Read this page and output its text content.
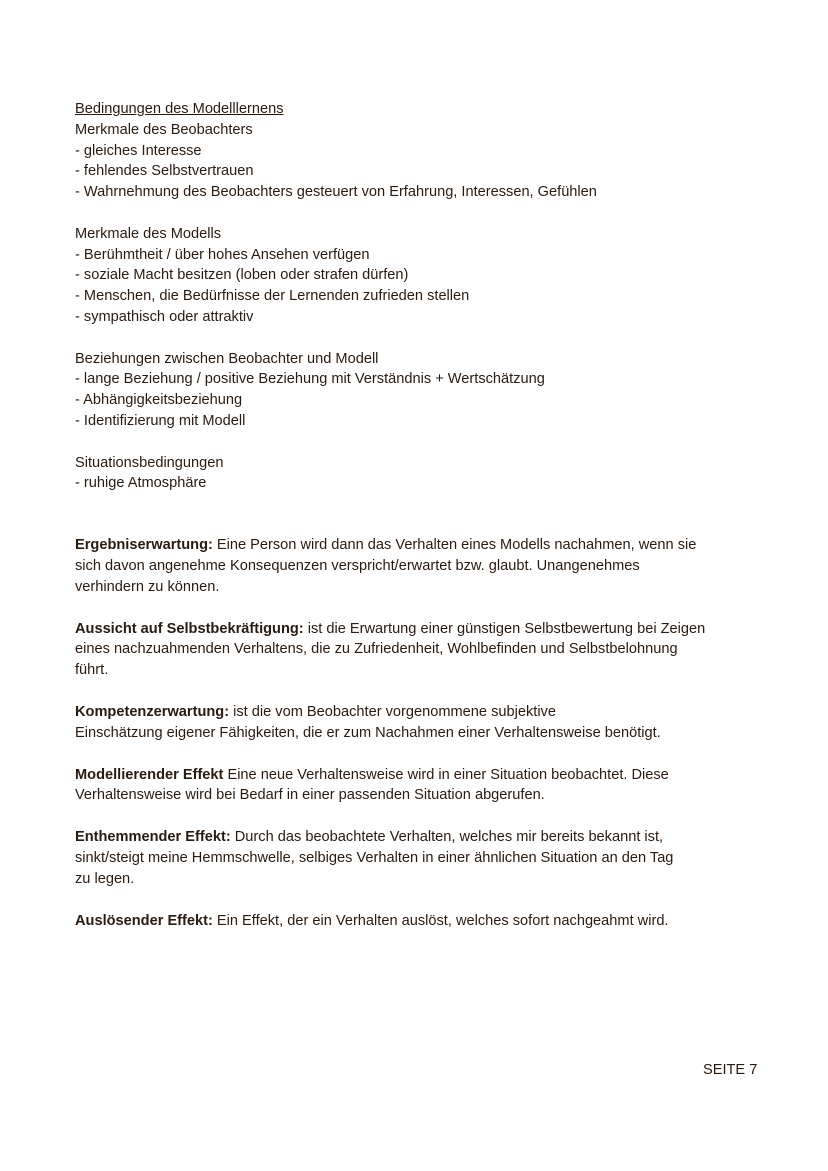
Bedingungen des Modelllernens
Merkmale des Beobachters
- gleiches Interesse
- fehlendes Selbstvertrauen
- Wahrnehmung des Beobachters gesteuert von Erfahrung, Interessen, Gefühlen
Merkmale des Modells
- Berühmtheit / über hohes Ansehen verfügen
- soziale Macht besitzen (loben oder strafen dürfen)
- Menschen, die Bedürfnisse der Lernenden zufrieden stellen
- sympathisch oder attraktiv
Beziehungen zwischen Beobachter und Modell
- lange Beziehung / positive Beziehung mit Verständnis + Wertschätzung
- Abhängigkeitsbeziehung
- Identifizierung mit Modell
Situationsbedingungen
- ruhige Atmosphäre
Ergebniserwartung: Eine Person wird dann das Verhalten eines Modells nachahmen, wenn sie
sich davon angenehme Konsequenzen verspricht/erwartet bzw. glaubt. Unangenehmes
verhindern zu können.
Aussicht auf Selbstbekräftigung: ist die Erwartung einer günstigen Selbstbewertung bei Zeigen
eines nachzuahmenden Verhaltens, die zu Zufriedenheit, Wohlbefinden und Selbstbelohnung
führt.
Kompetenzerwartung: ist die vom Beobachter vorgenommene subjektive
Einschätzung eigener Fähigkeiten, die er zum Nachahmen einer Verhaltensweise benötigt.
Modellierender Effekt Eine neue Verhaltensweise wird in einer Situation beobachtet. Diese
Verhaltensweise wird bei Bedarf in einer passenden Situation abgerufen.
Enthemmender Effekt: Durch das beobachtete Verhalten, welches mir bereits bekannt ist,
sinkt/steigt meine Hemmschwelle, selbiges Verhalten in einer ähnlichen Situation an den Tag
zu legen.
Auslösender Effekt: Ein Effekt, der ein Verhalten auslöst, welches sofort nachgeahmt wird.
SEITE 7
